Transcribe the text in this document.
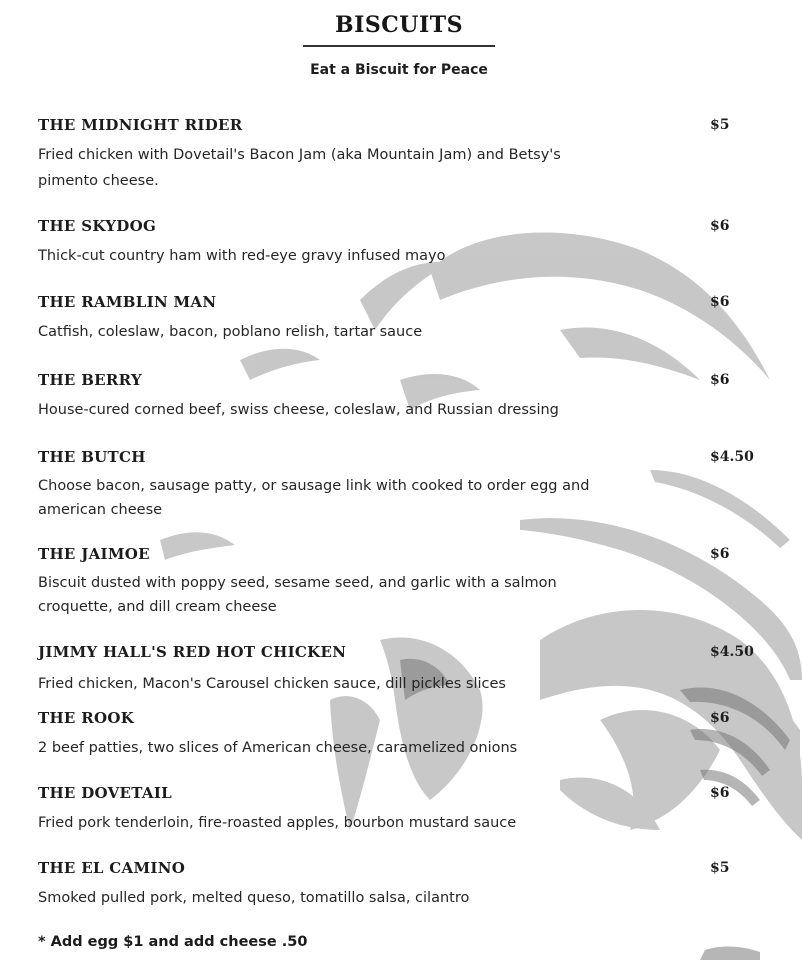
BISCUITS
Eat a Biscuit for Peace
THE MIDNIGHT RIDER	$5
Fried chicken with Dovetail's Bacon Jam (aka Mountain Jam) and Betsy's pimento cheese.
THE SKYDOG	$6
Thick-cut country ham with red-eye gravy infused mayo
THE RAMBLIN MAN	$6
Catfish, coleslaw, bacon, poblano relish, tartar sauce
THE BERRY	$6
House-cured corned beef, swiss cheese, coleslaw, and Russian dressing
THE BUTCH	$4.50
Choose bacon, sausage patty, or sausage link with cooked to order egg and american cheese
THE JAIMOE	$6
Biscuit dusted with poppy seed, sesame seed, and garlic with a salmon croquette, and dill cream cheese
JIMMY HALL'S RED HOT CHICKEN	$4.50
Fried chicken, Macon's Carousel chicken sauce, dill pickles slices
THE ROOK	$6
2 beef patties, two slices of American cheese, caramelized onions
THE DOVETAIL	$6
Fried pork tenderloin, fire-roasted apples, bourbon mustard sauce
THE EL CAMINO	$5
Smoked pulled pork, melted queso, tomatillo salsa, cilantro
* Add egg $1 and add cheese .50
